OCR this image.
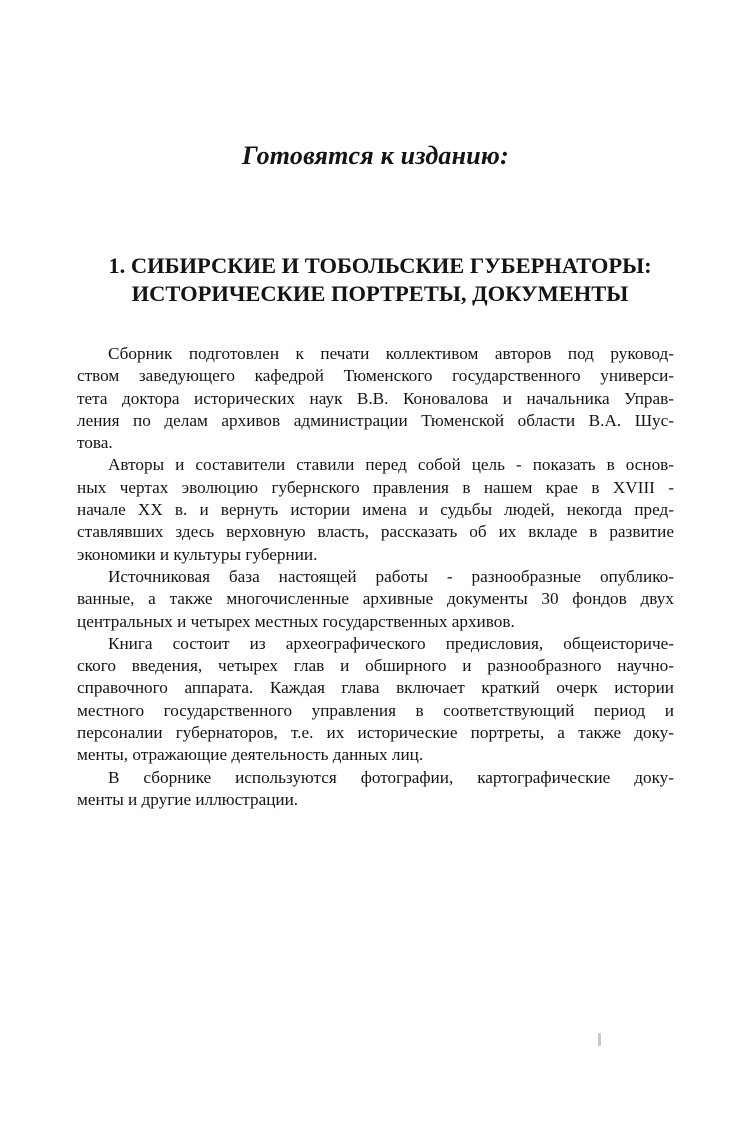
Готовятся к изданию:
1. СИБИРСКИЕ И ТОБОЛЬСКИЕ ГУБЕРНАТОРЫ:
ИСТОРИЧЕСКИЕ ПОРТРЕТЫ, ДОКУМЕНТЫ

Сборник подготовлен к печати коллективом авторов под руковод-
ством заведующего кафедрой Тюменского государственного универси-
тета доктора исторических наук В.В. Коновалова и начальника Управ-
ления по делам архивов администрации Тюменской области В.А. Шус-
това.

Авторы и составители ставили перед собой цель - показать в основ-
ных чертах эволюцию губернского правления в нашем крае в XVIII -
начале XX в. и вернуть истории имена и судьбы людей, некогда пред-
ставлявших здесь верховную власть, рассказать об их вкладе в развитие
экономики и культуры губернии.

Источниковая база настоящей работы - разнообразные опублико-
ванные, а также многочисленные архивные документы 30 фондов двух
центральных и четырех местных государственных архивов.

Книга состоит из археографического предисловия, общеисториче-
ского введения, четырех глав и обширного и разнообразного научно-
справочного аппарата. Каждая глава включает краткий очерк истории
местного государственного управления в соответствующий период и
персоналии губернаторов, т.е. их исторические портреты, а также доку-
менты, отражающие деятельность данных лиц.

В сборнике используются фотографии, картографические доку-
менты и другие иллюстрации.
